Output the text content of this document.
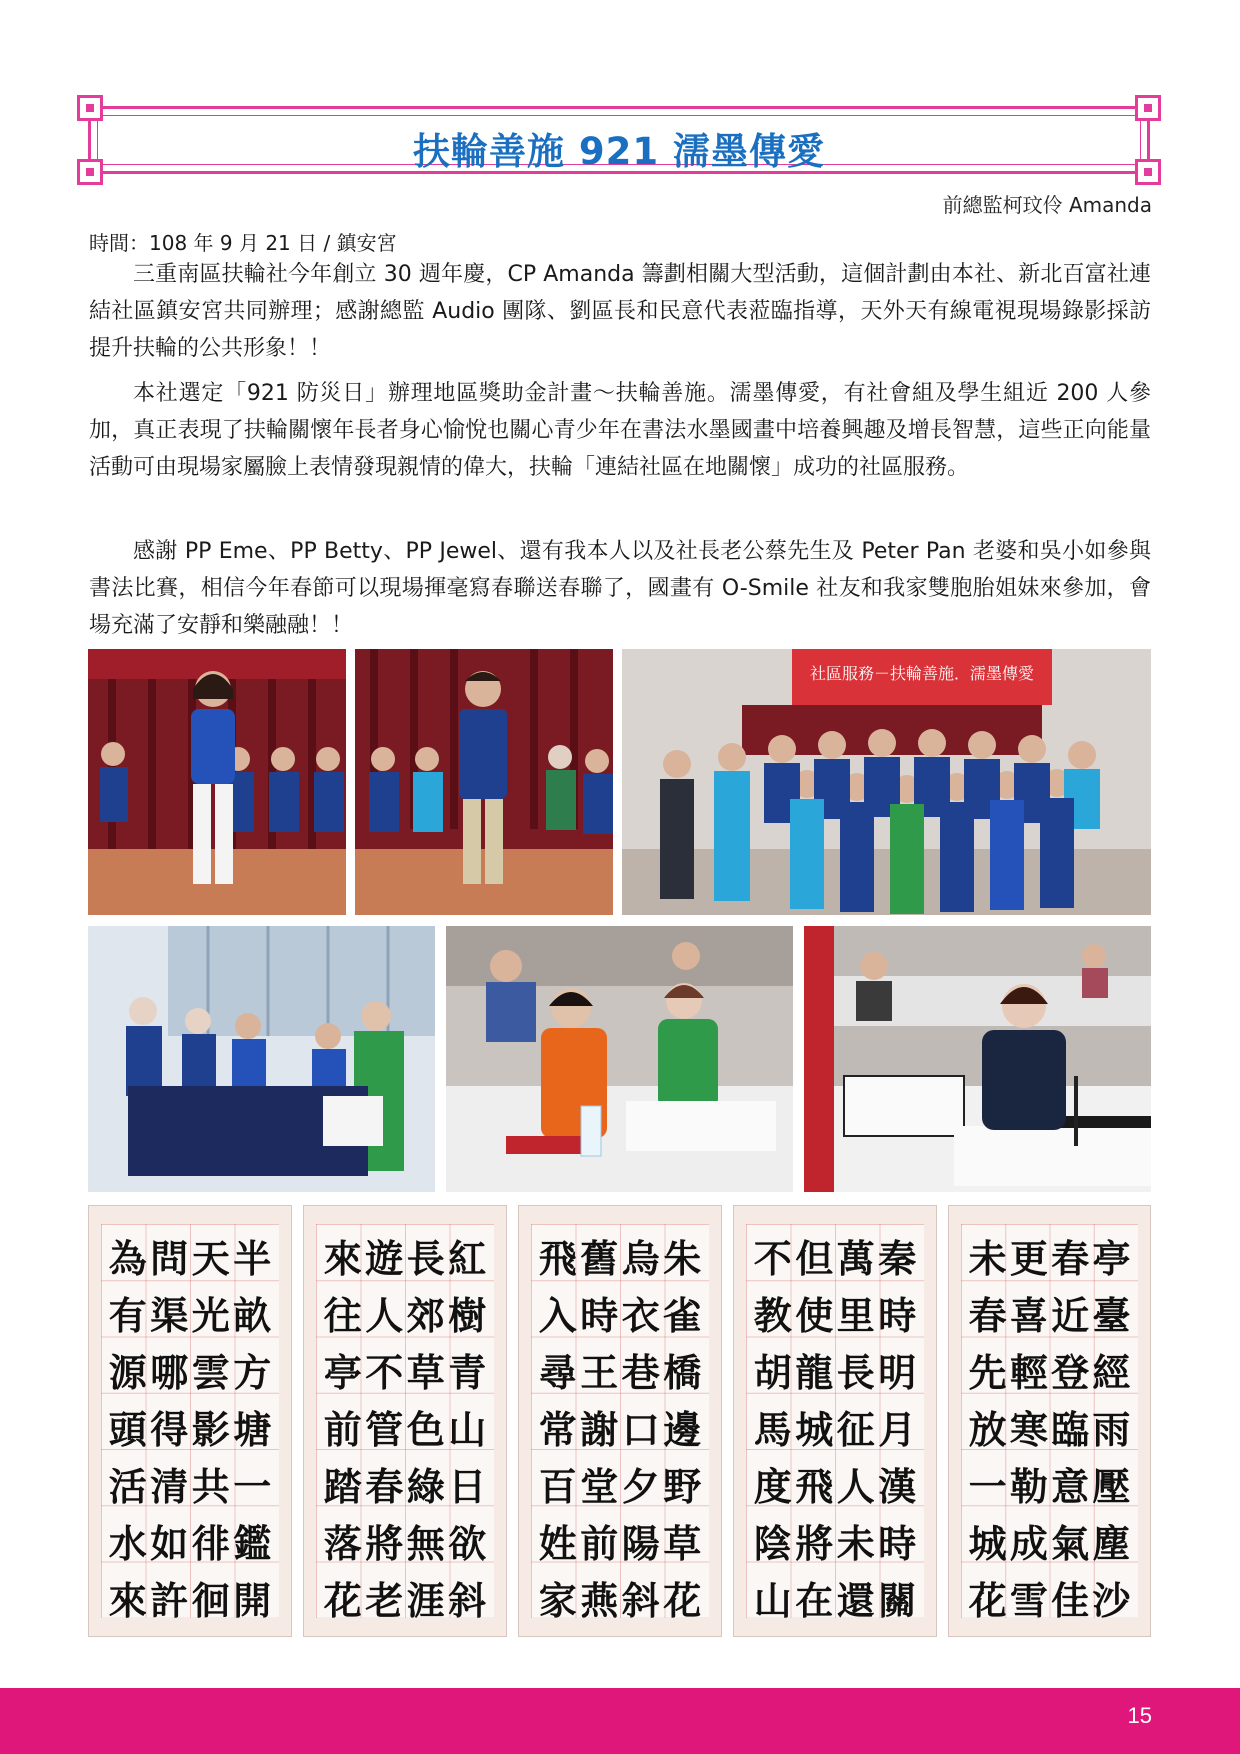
扶輪善施 921 濡墨傳愛
前總監柯玟伶 Amanda
時間：108 年 9 月 21 日 / 鎮安宮

三重南區扶輪社今年創立 30 週年慶，CP Amanda 籌劃相關大型活動，這個計劃由本社、新北百富社連結社區鎮安宮共同辦理；感謝總監 Audio 團隊、劉區長和民意代表蒞臨指導，天外天有線電視現場錄影採訪提升扶輪的公共形象！！

本社選定「921 防災日」辦理地區獎助金計畫～扶輪善施。濡墨傳愛，有社會組及學生組近 200 人參加，真正表現了扶輪關懷年長者身心愉悅也關心青少年在書法水墨國畫中培養興趣及增長智慧，這些正向能量活動可由現場家屬臉上表情發現親情的偉大，扶輪「連結社區在地關懷」成功的社區服務。

感謝 PP Eme、PP Betty、PP Jewel、還有我本人以及社長老公蔡先生及 Peter Pan 老婆和吳小如參與書法比賽，相信今年春節可以現場揮毫寫春聯送春聯了，國畫有 O-Smile 社友和我家雙胞胎姐妹來參加，會場充滿了安靜和樂融融！！

社區服務－扶輪善施．濡墨傳愛
半畝方塘一鑑開
天光雲影共徘徊
問渠哪得清如許
為有源頭活水來
紅樹青山日欲斜
長郊草色綠無涯
遊人不管春將老
來往亭前踏落花
朱雀橋邊野草花
烏衣巷口夕陽斜
舊時王謝堂前燕
飛入尋常百姓家
秦時明月漢時關
萬里長征人未還
但使龍城飛將在
不教胡馬度陰山
亭臺經雨壓塵沙
春近登臨意氣佳
更喜輕寒勒成雪
未春先放一城花
15
